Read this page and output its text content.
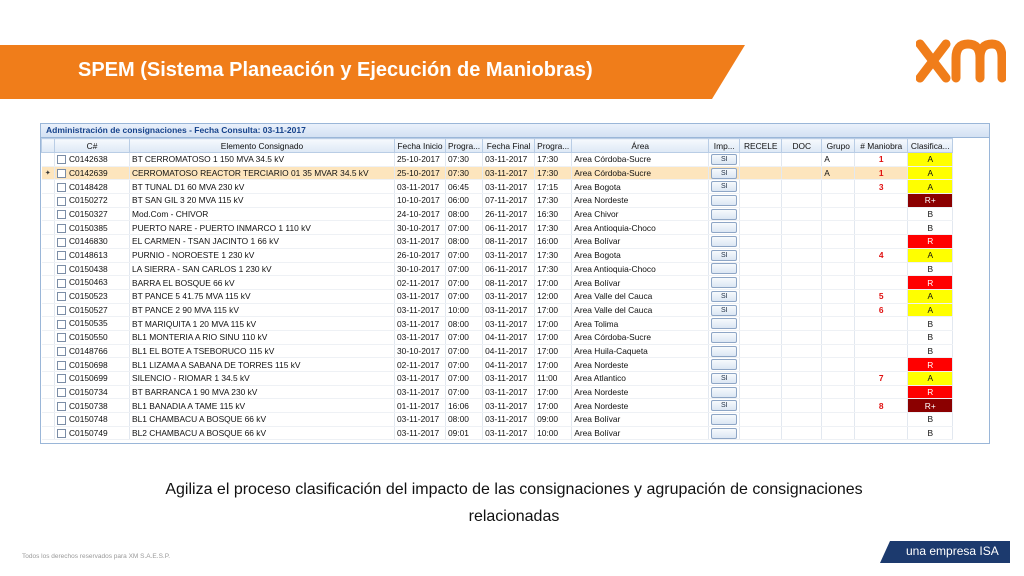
SPEM (Sistema Planeación y Ejecución de Maniobras)
Administración de consignaciones - Fecha Consulta: 03-11-2017
	C#	Elemento Consignado	Fecha Inicio	Progra...	Fecha Final	Progra...	Área	Imp...	RECELE	DOC	Grupo	# Maniobra	Clasifica...
	C0142638	BT CERROMATOSO 1 150 MVA 34.5 kV	25-10-2017	07:30	03-11-2017	17:30	Area Córdoba-Sucre	SI			A	1	A
✦	C0142639	CERROMATOSO REACTOR TERCIARIO 01 35 MVAR 34.5 kV	25-10-2017	07:30	03-11-2017	17:30	Area Córdoba-Sucre	SI			A	1	A
	C0148428	BT TUNAL D1 60 MVA 230 kV	03-11-2017	06:45	03-11-2017	17:15	Area Bogota	SI				3	A
	C0150272	BT SAN GIL 3 20 MVA 115 kV	10-10-2017	06:00	07-11-2017	17:30	Area Nordeste						R+
	C0150327	Mod.Com - CHIVOR	24-10-2017	08:00	26-11-2017	16:30	Area Chivor						B
	C0150385	PUERTO NARE - PUERTO INMARCO 1 110 kV	30-10-2017	07:00	06-11-2017	17:30	Area Antioquia-Choco						B
	C0146830	EL CARMEN - TSAN JACINTO 1 66 kV	03-11-2017	08:00	08-11-2017	16:00	Area Bolívar						R
	C0148613	PURNIO - NOROESTE 1 230 kV	26-10-2017	07:00	03-11-2017	17:30	Area Bogota	SI				4	A
	C0150438	LA SIERRA - SAN CARLOS 1 230 kV	30-10-2017	07:00	06-11-2017	17:30	Area Antioquia-Choco						B
	C0150463	BARRA EL BOSQUE 66 kV	02-11-2017	07:00	08-11-2017	17:00	Area Bolívar						R
	C0150523	BT PANCE 5 41.75 MVA 115 kV	03-11-2017	07:00	03-11-2017	12:00	Area Valle del Cauca	SI				5	A
	C0150527	BT PANCE 2 90 MVA 115 kV	03-11-2017	10:00	03-11-2017	17:00	Area Valle del Cauca	SI				6	A
	C0150535	BT MARIQUITA 1 20 MVA 115 kV	03-11-2017	08:00	03-11-2017	17:00	Area Tolima						B
	C0150550	BL1 MONTERIA A RIO SINU 110 kV	03-11-2017	07:00	04-11-2017	17:00	Area Córdoba-Sucre						B
	C0148766	BL1 EL BOTE A TSEBORUCO 115 kV	30-10-2017	07:00	04-11-2017	17:00	Area Huila-Caqueta						B
	C0150698	BL1 LIZAMA A SABANA DE TORRES 115 kV	02-11-2017	07:00	04-11-2017	17:00	Area Nordeste						R
	C0150699	SILENCIO - RIOMAR 1 34.5 kV	03-11-2017	07:00	03-11-2017	11:00	Area Atlantico	SI				7	A
	C0150734	BT BARRANCA 1 90 MVA 230 kV	03-11-2017	07:00	03-11-2017	17:00	Area Nordeste						R
	C0150738	BL1 BANADIA A TAME 115 kV	01-11-2017	16:06	03-11-2017	17:00	Area Nordeste	SI				8	R+
	C0150748	BL1 CHAMBACU A BOSQUE 66 kV	03-11-2017	08:00	03-11-2017	09:00	Area Bolívar						B
	C0150749	BL2 CHAMBACU A BOSQUE 66 kV	03-11-2017	09:01	03-11-2017	10:00	Area Bolívar						B
Agiliza el proceso clasificación del impacto de las consignaciones y agrupación de consignaciones
relacionadas
Todos los derechos reservados para XM S.A.E.S.P.	una empresa ISA
